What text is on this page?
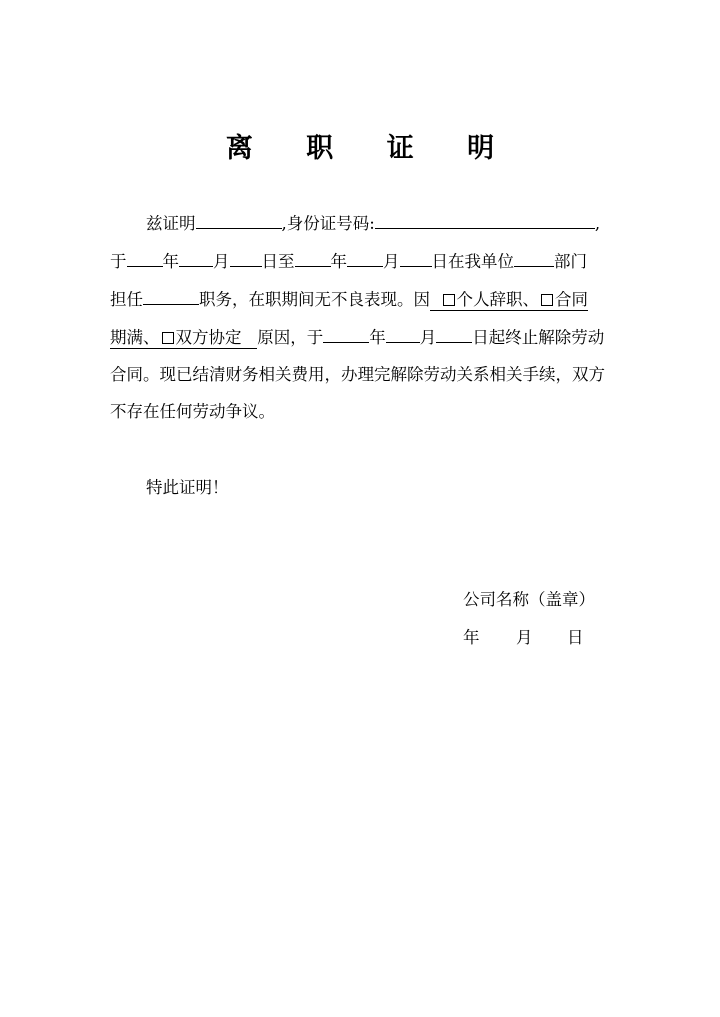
离 职 证 明
兹证明	,身份证号码:	,
于 年 月 日至 年 月 日在我单位 部门
担任	职务，在职期间无不良表现。因 个人辞职、 合同
期满、 双方协定 原因，于	年 月 日起终止解除劳动
合同。现已结清财务相关费用，办理完解除劳动关系相关手续，双方
不存在任何劳动争议。
特此证明！
公司名称（盖章）
年 月 日
